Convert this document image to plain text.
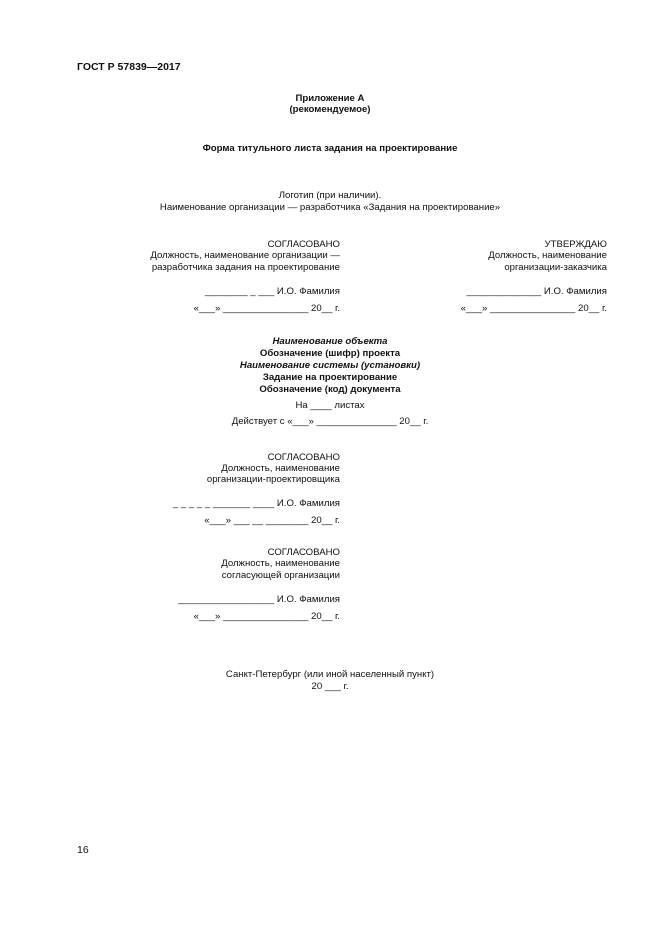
ГОСТ Р 57839—2017
Приложение А
(рекомендуемое)
Форма титульного листа задания на проектирование
Логотип (при наличии).
Наименование организации — разработчика «Задания на проектирование»
СОГЛАСОВАНО
Должность, наименование организации —
разработчика задания на проектирование
________ _ ___ И.О. Фамилия
«___» ________________ 20__ г.
УТВЕРЖДАЮ
Должность, наименование
организации-заказчика
______________ И.О. Фамилия
«___» ________________ 20__ г.
Наименование объекта
Обозначение (шифр) проекта
Наименование системы (установки)
Задание на проектирование
Обозначение (код) документа
На ____ листах
Действует с «___» _______________ 20__ г.
СОГЛАСОВАНО
Должность, наименование
организации-проектировщика
_ _ _ _ _ _______ ____ И.О. Фамилия
«___» ___ __ ________ 20__ г.
СОГЛАСОВАНО
Должность, наименование
согласующей организации
__________________ И.О. Фамилия
«___» ________________ 20__ г.
Санкт-Петербург (или иной населенный пункт)
20 ___ г.
16
